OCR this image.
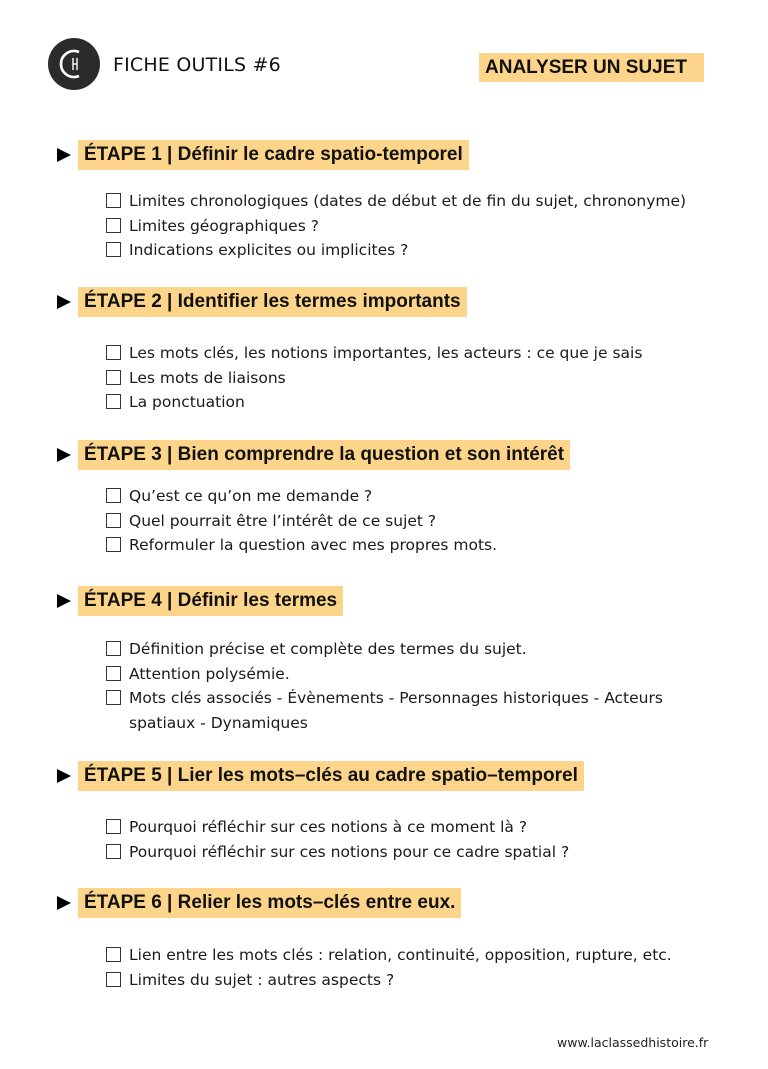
FICHE OUTILS #6	ANALYSER UN SUJET
ÉTAPE 1 | Définir le cadre spatio-temporel
Limites chronologiques (dates de début et de fin du sujet, chrononyme)
Limites géographiques ?
Indications explicites ou implicites ?
ÉTAPE 2 | Identifier les termes importants
Les mots clés, les notions importantes, les acteurs : ce que je sais
Les mots de liaisons
La ponctuation
ÉTAPE 3 | Bien comprendre la question et son intérêt
Qu’est ce qu’on me demande ?
Quel pourrait être l’intérêt de ce sujet ?
Reformuler la question avec mes propres mots.
ÉTAPE 4 | Définir les termes
Définition précise et complète des termes du sujet.
Attention polysémie.
Mots clés associés - Évènements - Personnages historiques - Acteurs spatiaux - Dynamiques
ÉTAPE 5 | Lier les mots–clés au cadre spatio–temporel
Pourquoi réfléchir sur ces notions à ce moment là ?
Pourquoi réfléchir sur ces notions pour ce cadre spatial ?
ÉTAPE 6 | Relier les mots–clés entre eux.
Lien entre les mots clés : relation, continuité, opposition, rupture, etc.
Limites du sujet : autres aspects ?
www.laclassedhistoire.fr
